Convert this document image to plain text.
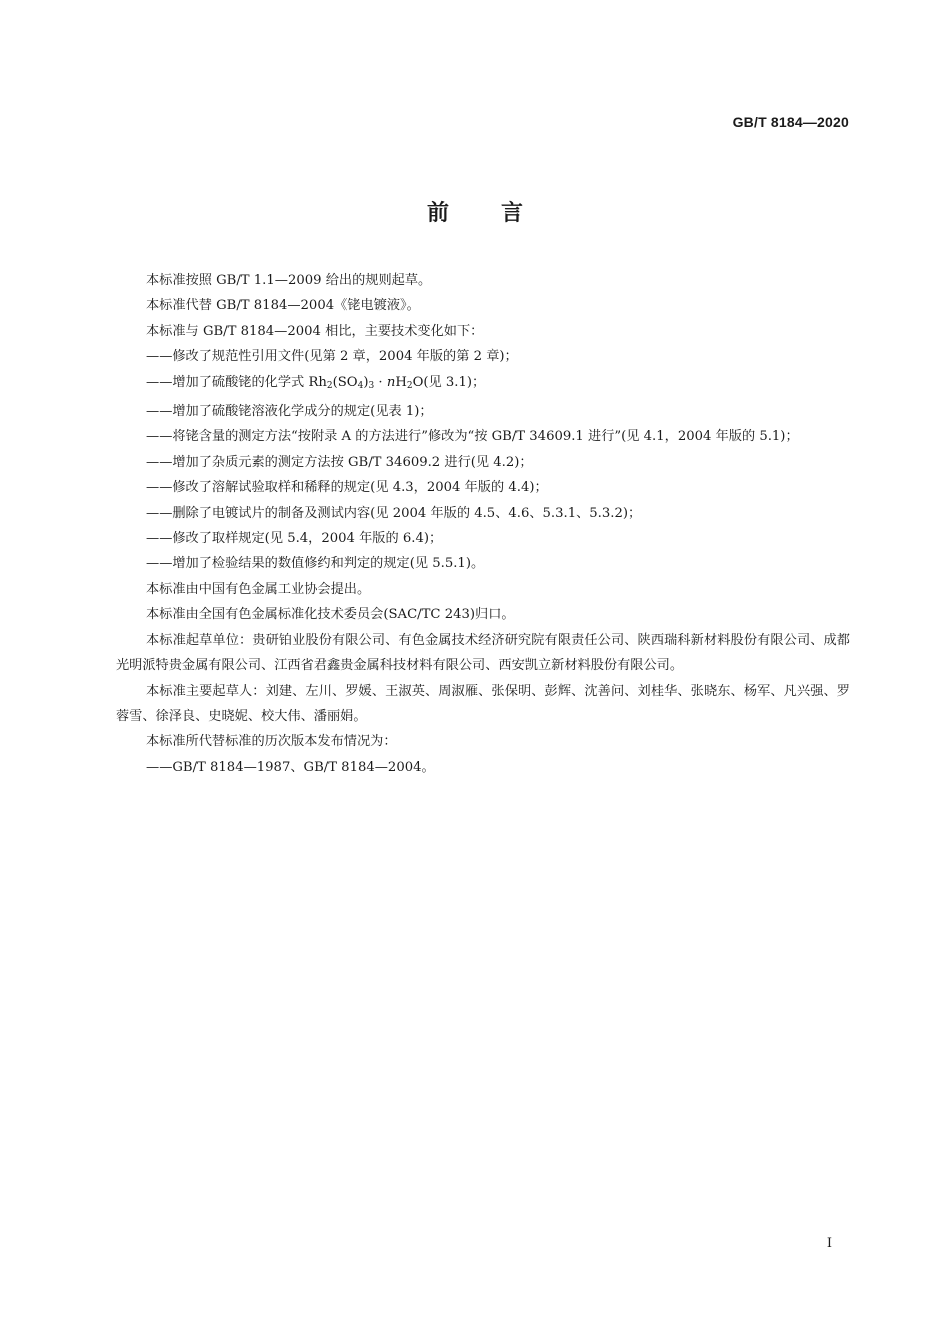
GB/T 8184—2020
前言

本标准按照 GB/T 1.1—2009 给出的规则起草。

本标准代替 GB/T 8184—2004《铑电镀液》。

本标准与 GB/T 8184—2004 相比，主要技术变化如下：

——修改了规范性引用文件(见第 2 章，2004 年版的第 2 章)；

——增加了硫酸铑的化学式 $Rh_2(SO_4)_3 \cdot nH_2O$(见 3.1)；

——增加了硫酸铑溶液化学成分的规定(见表 1)；

——将铑含量的测定方法“按附录 A 的方法进行”修改为“按 GB/T 34609.1 进行”(见 4.1，2004 年版的 5.1)；

——增加了杂质元素的测定方法按 GB/T 34609.2 进行(见 4.2)；

——修改了溶解试验取样和稀释的规定(见 4.3，2004 年版的 4.4)；

——删除了电镀试片的制备及测试内容(见 2004 年版的 4.5、4.6、5.3.1、5.3.2)；

——修改了取样规定(见 5.4，2004 年版的 6.4)；

——增加了检验结果的数值修约和判定的规定(见 5.5.1)。

本标准由中国有色金属工业协会提出。

本标准由全国有色金属标准化技术委员会(SAC/TC 243)归口。

本标准起草单位：贵研铂业股份有限公司、有色金属技术经济研究院有限责任公司、陕西瑞科新材料股份有限公司、成都光明派特贵金属有限公司、江西省君鑫贵金属科技材料有限公司、西安凯立新材料股份有限公司。

本标准主要起草人：刘建、左川、罗媛、王淑英、周淑雁、张保明、彭辉、沈善问、刘桂华、张晓东、杨军、凡兴强、罗蓉雪、徐泽良、史晓妮、校大伟、潘丽娟。

本标准所代替标准的历次版本发布情况为：

——GB/T 8184—1987、GB/T 8184—2004。

I
